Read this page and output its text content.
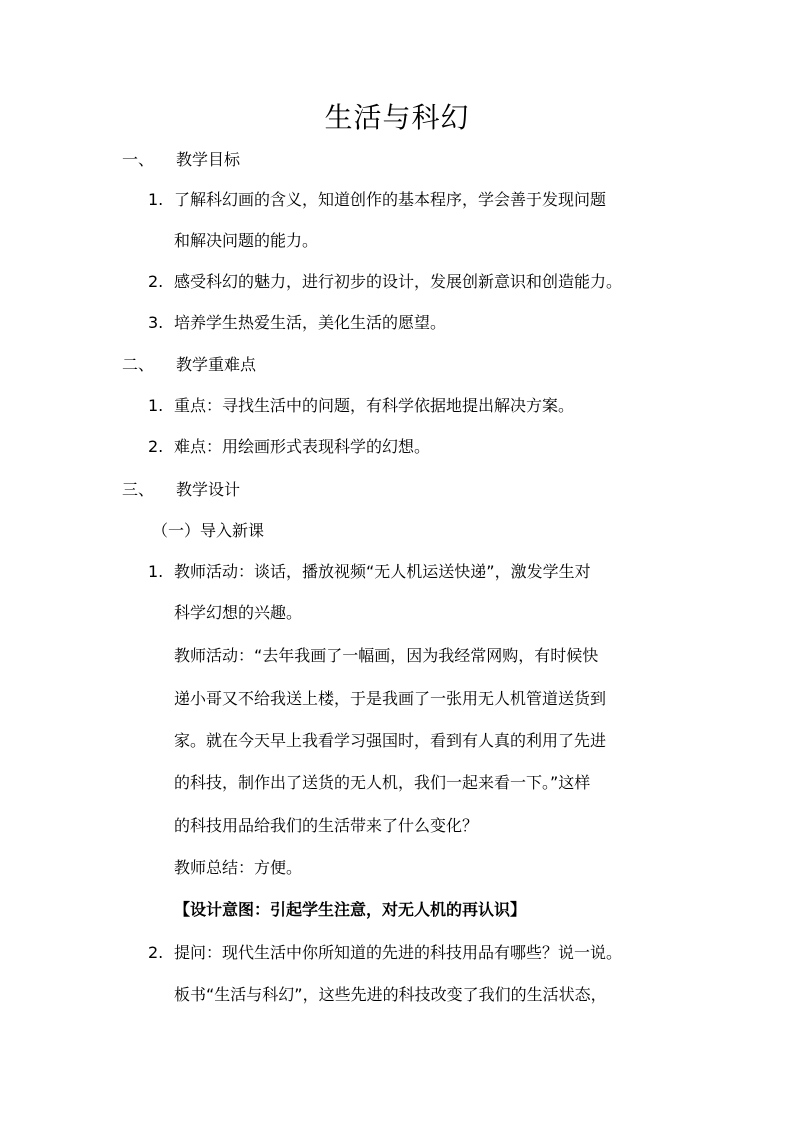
生活与科幻
一、 教学目标
1. 了解科幻画的含义，知道创作的基本程序，学会善于发现问题
和解决问题的能力。
2. 感受科幻的魅力，进行初步的设计，发展创新意识和创造能力。
3. 培养学生热爱生活，美化生活的愿望。
二、 教学重难点
1. 重点：寻找生活中的问题，有科学依据地提出解决方案。
2. 难点：用绘画形式表现科学的幻想。
三、 教学设计
（一）导入新课
1. 教师活动：谈话，播放视频“无人机运送快递”，激发学生对
科学幻想的兴趣。
教师活动：“去年我画了一幅画，因为我经常网购，有时候快
递小哥又不给我送上楼，于是我画了一张用无人机管道送货到
家。就在今天早上我看学习强国时，看到有人真的利用了先进
的科技，制作出了送货的无人机，我们一起来看一下。”这样
的科技用品给我们的生活带来了什么变化？
教师总结：方便。
【设计意图：引起学生注意，对无人机的再认识】
2. 提问：现代生活中你所知道的先进的科技用品有哪些？说一说。
板书“生活与科幻”，这些先进的科技改变了我们的生活状态，
